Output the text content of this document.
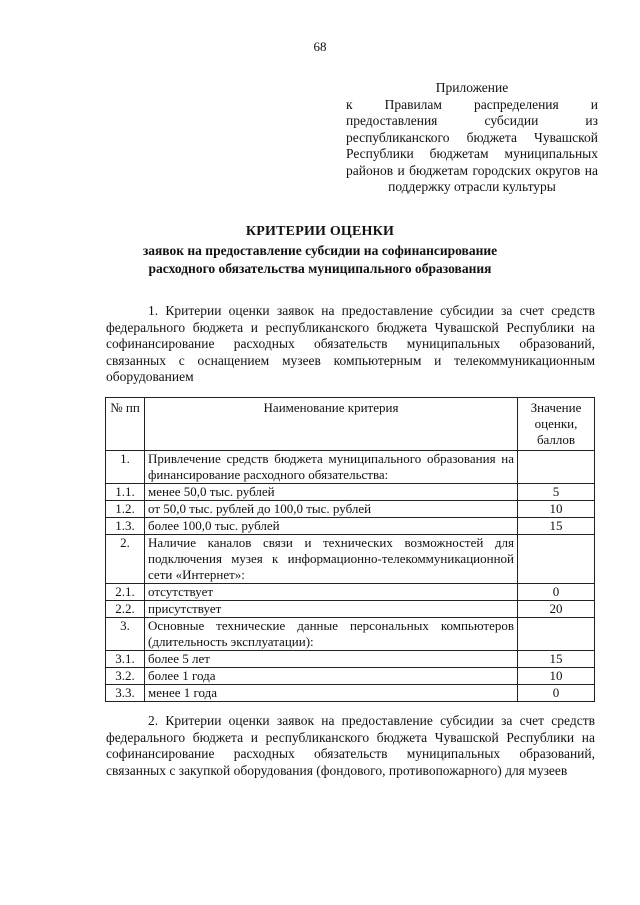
68
Приложение
к Правилам распределения и предоставления субсидии из республиканского бюджета Чувашской Республики бюджетам муниципальных районов и бюджетам городских округов на поддержку отрасли культуры
КРИТЕРИИ ОЦЕНКИ
заявок на предоставление субсидии на софинансирование
расходного обязательства муниципального образования
1. Критерии оценки заявок на предоставление субсидии за счет средств федерального бюджета и республиканского бюджета Чувашской Республики на софинансирование расходных обязательств муниципальных образований, связанных с оснащением музеев компьютерным и телекоммуникационным оборудованием
№ пп	Наименование критерия	Значение оценки, баллов
1.	Привлечение средств бюджета муниципального образования на финансирование расходного обязательства:	
1.1.	менее 50,0 тыс. рублей	5
1.2.	от 50,0 тыс. рублей до 100,0 тыс. рублей	10
1.3.	более 100,0 тыс. рублей	15
2.	Наличие каналов связи и технических возможностей для подключения музея к информационно-телекоммуникационной сети «Интернет»:	
2.1.	отсутствует	0
2.2.	присутствует	20
3.	Основные технические данные персональных компьютеров (длительность эксплуатации):	
3.1.	более 5 лет	15
3.2.	более 1 года	10
3.3.	менее 1 года	0
2. Критерии оценки заявок на предоставление субсидии за счет средств федерального бюджета и республиканского бюджета Чувашской Республики на софинансирование расходных обязательств муниципальных образований, связанных с закупкой оборудования (фондового, противопожарного) для музеев
